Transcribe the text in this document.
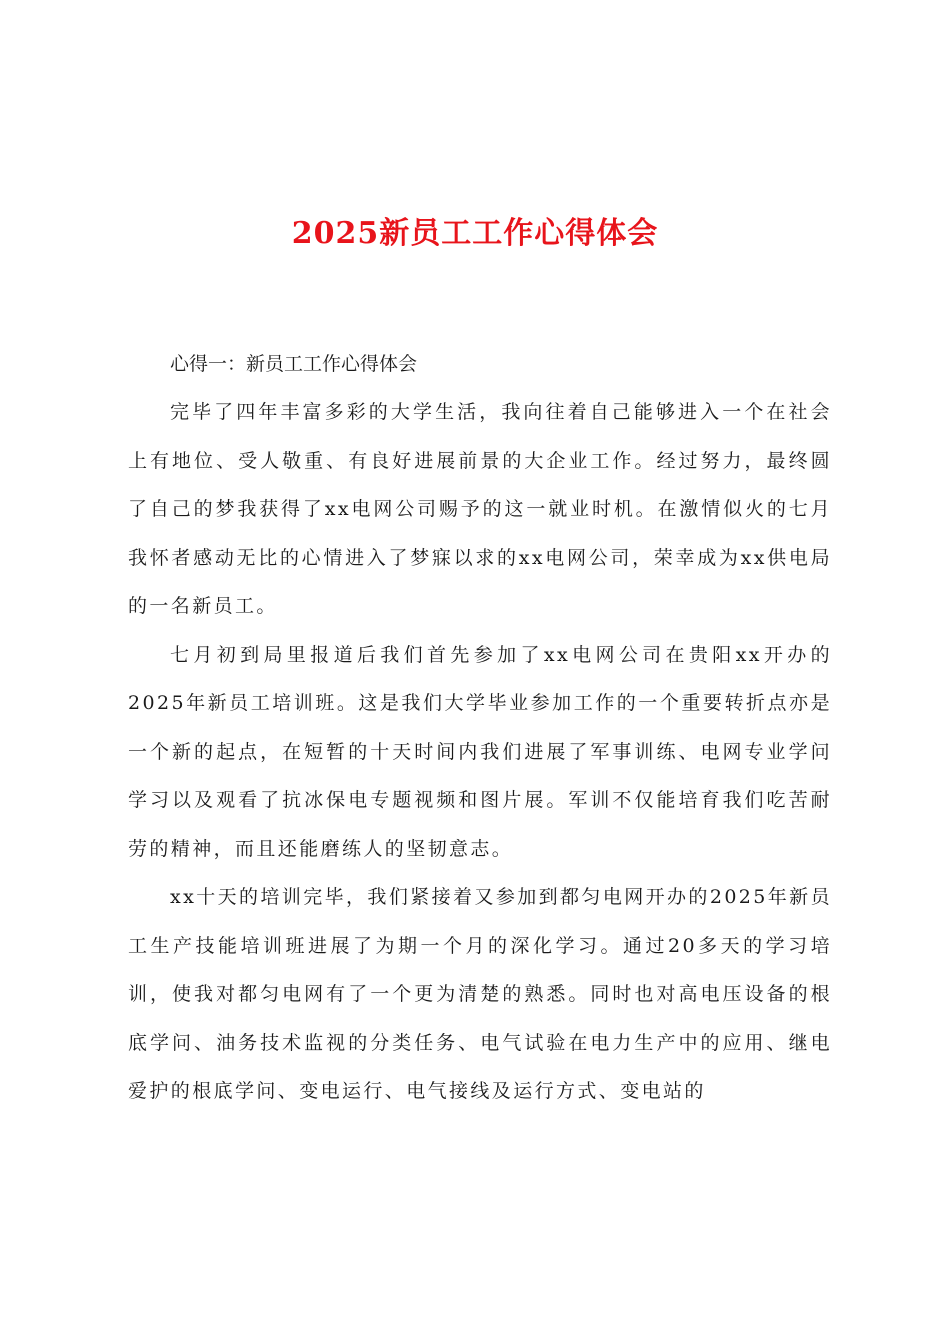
2025新员工工作心得体会

心得一：新员工工作心得体会

完毕了四年丰富多彩的大学生活，我向往着自己能够进入一个在社会上有地位、受人敬重、有良好进展前景的大企业工作。经过努力，最终圆了自己的梦我获得了xx电网公司赐予的这一就业时机。在激情似火的七月我怀者感动无比的心情进入了梦寐以求的xx电网公司，荣幸成为xx供电局的一名新员工。

七月初到局里报道后我们首先参加了xx电网公司在贵阳xx开办的2025年新员工培训班。这是我们大学毕业参加工作的一个重要转折点亦是一个新的起点，在短暂的十天时间内我们进展了军事训练、电网专业学问学习以及观看了抗冰保电专题视频和图片展。军训不仅能培育我们吃苦耐劳的精神，而且还能磨练人的坚韧意志。

xx十天的培训完毕，我们紧接着又参加到都匀电网开办的2025年新员工生产技能培训班进展了为期一个月的深化学习。通过20多天的学习培训，使我对都匀电网有了一个更为清楚的熟悉。同时也对高电压设备的根底学问、油务技术监视的分类任务、电气试验在电力生产中的应用、继电爱护的根底学问、变电运行、电气接线及运行方式、变电站的
